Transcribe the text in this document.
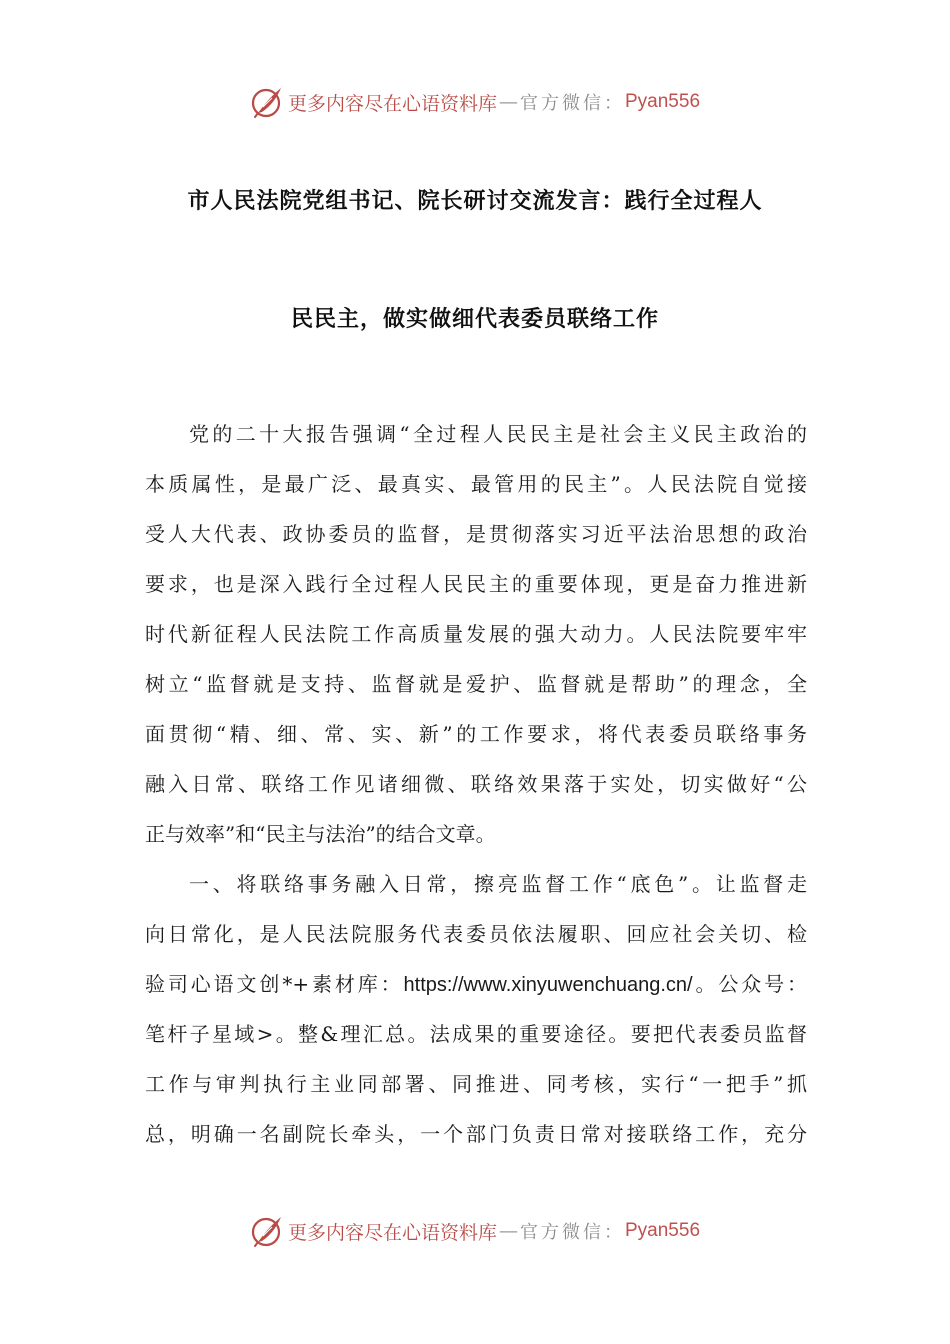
更多内容尽在心语资料库 — 官方微信： Pyan556
市人民法院党组书记、院长研讨交流发言：践行全过程人
民民主，做实做细代表委员联络工作
党的二十大报告强调“全过程人民民主是社会主义民主政治的
本质属性，是最广泛、最真实、最管用的民主”。人民法院自觉接
受人大代表、政协委员的监督，是贯彻落实习近平法治思想的政治
要求，也是深入践行全过程人民民主的重要体现，更是奋力推进新
时代新征程人民法院工作高质量发展的强大动力。人民法院要牢牢
树立“监督就是支持、监督就是爱护、监督就是帮助”的理念，全
面贯彻“精、细、常、实、新”的工作要求，将代表委员联络事务
融入日常、联络工作见诸细微、联络效果落于实处，切实做好“公
正与效率”和“民主与法治”的结合文章。
一、将联络事务融入日常，擦亮监督工作“底色”。让监督走
向日常化，是人民法院服务代表委员依法履职、回应社会关切、检
验司心语文创*+素材库：https://www.xinyuwenchuang.cn/。公众号：
笔杆子星域>。整&理汇总。法成果的重要途径。要把代表委员监督
工作与审判执行主业同部署、同推进、同考核，实行“一把手”抓
总，明确一名副院长牵头，一个部门负责日常对接联络工作，充分
更多内容尽在心语资料库 — 官方微信： Pyan556
